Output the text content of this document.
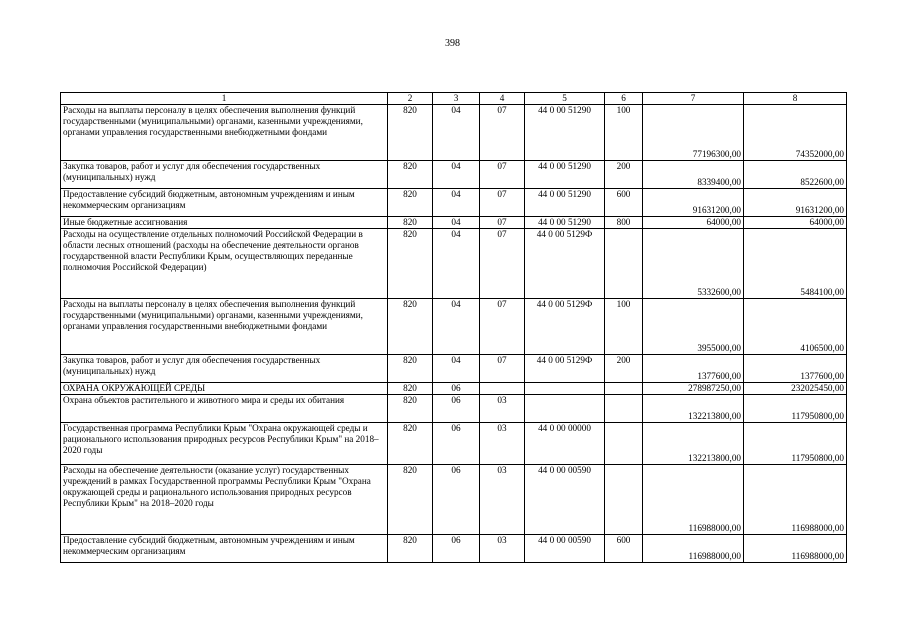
398
1	2	3	4	5	6	7	8
Расходы на выплаты персоналу в целях обеспечения выполнения функций государственными (муниципальными) органами, казенными учреждениями, органами управления государственными внебюджетными фондами	820	04	07	44 0 00 51290	100	77196300,00	74352000,00
Закупка товаров, работ и услуг для обеспечения государственных (муниципальных) нужд	820	04	07	44 0 00 51290	200	8339400,00	8522600,00
Предоставление субсидий бюджетным, автономным учреждениям и иным некоммерческим организациям	820	04	07	44 0 00 51290	600	91631200,00	91631200,00
Иные бюджетные ассигнования	820	04	07	44 0 00 51290	800	64000,00	64000,00
Расходы на осуществление отдельных полномочий Российской Федерации в области лесных отношений (расходы на обеспечение деятельности органов государственной власти Республики Крым, осуществляющих переданные полномочия Российской Федерации)	820	04	07	44 0 00 5129Ф		5332600,00	5484100,00
Расходы на выплаты персоналу в целях обеспечения выполнения функций государственными (муниципальными) органами, казенными учреждениями, органами управления государственными внебюджетными фондами	820	04	07	44 0 00 5129Ф	100	3955000,00	4106500,00
Закупка товаров, работ и услуг для обеспечения государственных (муниципальных) нужд	820	04	07	44 0 00 5129Ф	200	1377600,00	1377600,00
ОХРАНА ОКРУЖАЮЩЕЙ СРЕДЫ	820	06				278987250,00	232025450,00
Охрана объектов растительного и животного мира и среды их обитания	820	06	03			132213800,00	117950800,00
Государственная программа Республики Крым "Охрана окружающей среды и рационального использования природных ресурсов Республики Крым" на 2018–2020 годы	820	06	03	44 0 00 00000		132213800,00	117950800,00
Расходы на обеспечение деятельности (оказание услуг) государственных учреждений в рамках Государственной программы Республики Крым "Охрана окружающей среды и рационального использования природных ресурсов Республики Крым" на 2018–2020 годы	820	06	03	44 0 00 00590		116988000,00	116988000,00
Предоставление субсидий бюджетным, автономным учреждениям и иным некоммерческим организациям	820	06	03	44 0 00 00590	600	116988000,00	116988000,00
